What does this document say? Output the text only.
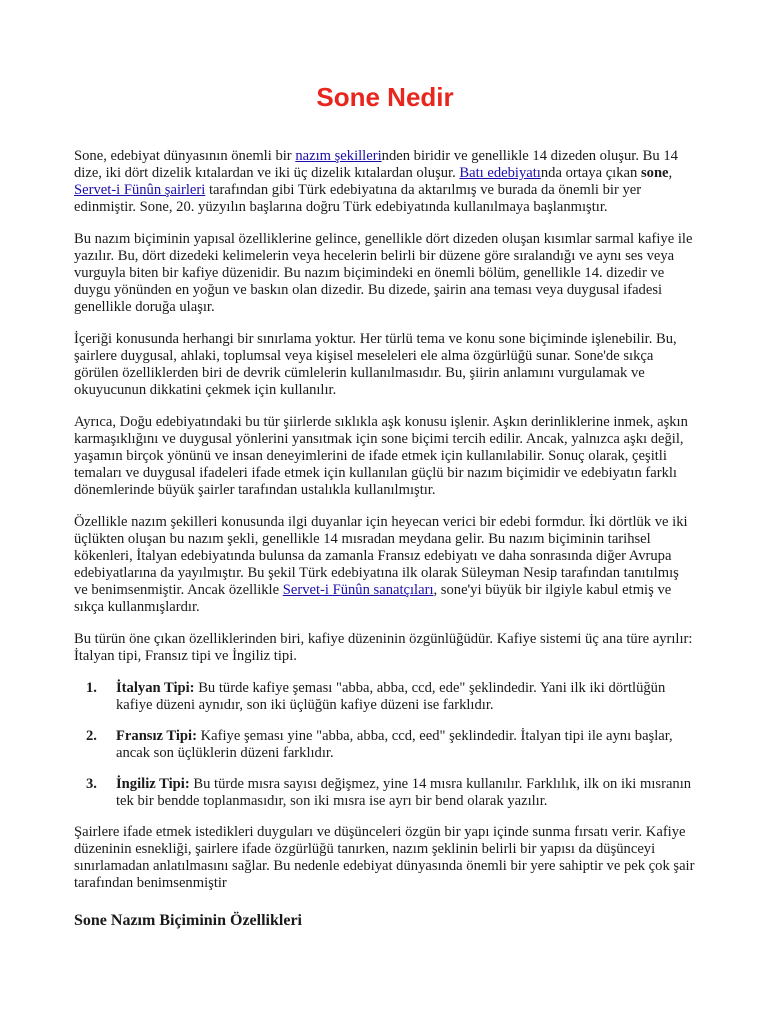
Sone Nedir

Sone, edebiyat dünyasının önemli bir nazım şekillerinden biridir ve genellikle 14 dizeden oluşur. Bu 14 dize, iki dört dizelik kıtalardan ve iki üç dizelik kıtalardan oluşur. Batı edebiyatında ortaya çıkan sone, Servet-i Fünûn şairleri tarafından gibi Türk edebiyatına da aktarılmış ve burada da önemli bir yer edinmiştir. Sone, 20. yüzyılın başlarına doğru Türk edebiyatında kullanılmaya başlanmıştır.

Bu nazım biçiminin yapısal özelliklerine gelince, genellikle dört dizeden oluşan kısımlar sarmal kafiye ile yazılır. Bu, dört dizedeki kelimelerin veya hecelerin belirli bir düzene göre sıralandığı ve aynı ses veya vurguyla biten bir kafiye düzenidir. Bu nazım biçimindeki en önemli bölüm, genellikle 14. dizedir ve duygu yönünden en yoğun ve baskın olan dizedir. Bu dizede, şairin ana teması veya duygusal ifadesi genellikle doruğa ulaşır.

İçeriği konusunda herhangi bir sınırlama yoktur. Her türlü tema ve konu sone biçiminde işlenebilir. Bu, şairlere duygusal, ahlaki, toplumsal veya kişisel meseleleri ele alma özgürlüğü sunar. Sone'de sıkça görülen özelliklerden biri de devrik cümlelerin kullanılmasıdır. Bu, şiirin anlamını vurgulamak ve okuyucunun dikkatini çekmek için kullanılır.

Ayrıca, Doğu edebiyatındaki bu tür şiirlerde sıklıkla aşk konusu işlenir. Aşkın derinliklerine inmek, aşkın karmaşıklığını ve duygusal yönlerini yansıtmak için sone biçimi tercih edilir. Ancak, yalnızca aşkı değil, yaşamın birçok yönünü ve insan deneyimlerini de ifade etmek için kullanılabilir. Sonuç olarak, çeşitli temaları ve duygusal ifadeleri ifade etmek için kullanılan güçlü bir nazım biçimidir ve edebiyatın farklı dönemlerinde büyük şairler tarafından ustalıkla kullanılmıştır.

Özellikle nazım şekilleri konusunda ilgi duyanlar için heyecan verici bir edebi formdur. İki dörtlük ve iki üçlükten oluşan bu nazım şekli, genellikle 14 mısradan meydana gelir. Bu nazım biçiminin tarihsel kökenleri, İtalyan edebiyatında bulunsa da zamanla Fransız edebiyatı ve daha sonrasında diğer Avrupa edebiyatlarına da yayılmıştır. Bu şekil Türk edebiyatına ilk olarak Süleyman Nesip tarafından tanıtılmış ve benimsenmiştir. Ancak özellikle Servet-i Fünûn sanatçıları, sone'yi büyük bir ilgiyle kabul etmiş ve sıkça kullanmışlardır.

Bu türün öne çıkan özelliklerinden biri, kafiye düzeninin özgünlüğüdür. Kafiye sistemi üç ana türe ayrılır: İtalyan tipi, Fransız tipi ve İngiliz tipi.

1. İtalyan Tipi: Bu türde kafiye şeması "abba, abba, ccd, ede" şeklindedir. Yani ilk iki dörtlüğün kafiye düzeni aynıdır, son iki üçlüğün kafiye düzeni ise farklıdır.
2. Fransız Tipi: Kafiye şeması yine "abba, abba, ccd, eed" şeklindedir. İtalyan tipi ile aynı başlar, ancak son üçlüklerin düzeni farklıdır.
3. İngiliz Tipi: Bu türde mısra sayısı değişmez, yine 14 mısra kullanılır. Farklılık, ilk on iki mısranın tek bir bendde toplanmasıdır, son iki mısra ise ayrı bir bend olarak yazılır.

Şairlere ifade etmek istedikleri duyguları ve düşünceleri özgün bir yapı içinde sunma fırsatı verir. Kafiye düzeninin esnekliği, şairlere ifade özgürlüğü tanırken, nazım şeklinin belirli bir yapısı da düşünceyi sınırlamadan anlatılmasını sağlar. Bu nedenle edebiyat dünyasında önemli bir yere sahiptir ve pek çok şair tarafından benimsenmiştir

Sone Nazım Biçiminin Özellikleri
